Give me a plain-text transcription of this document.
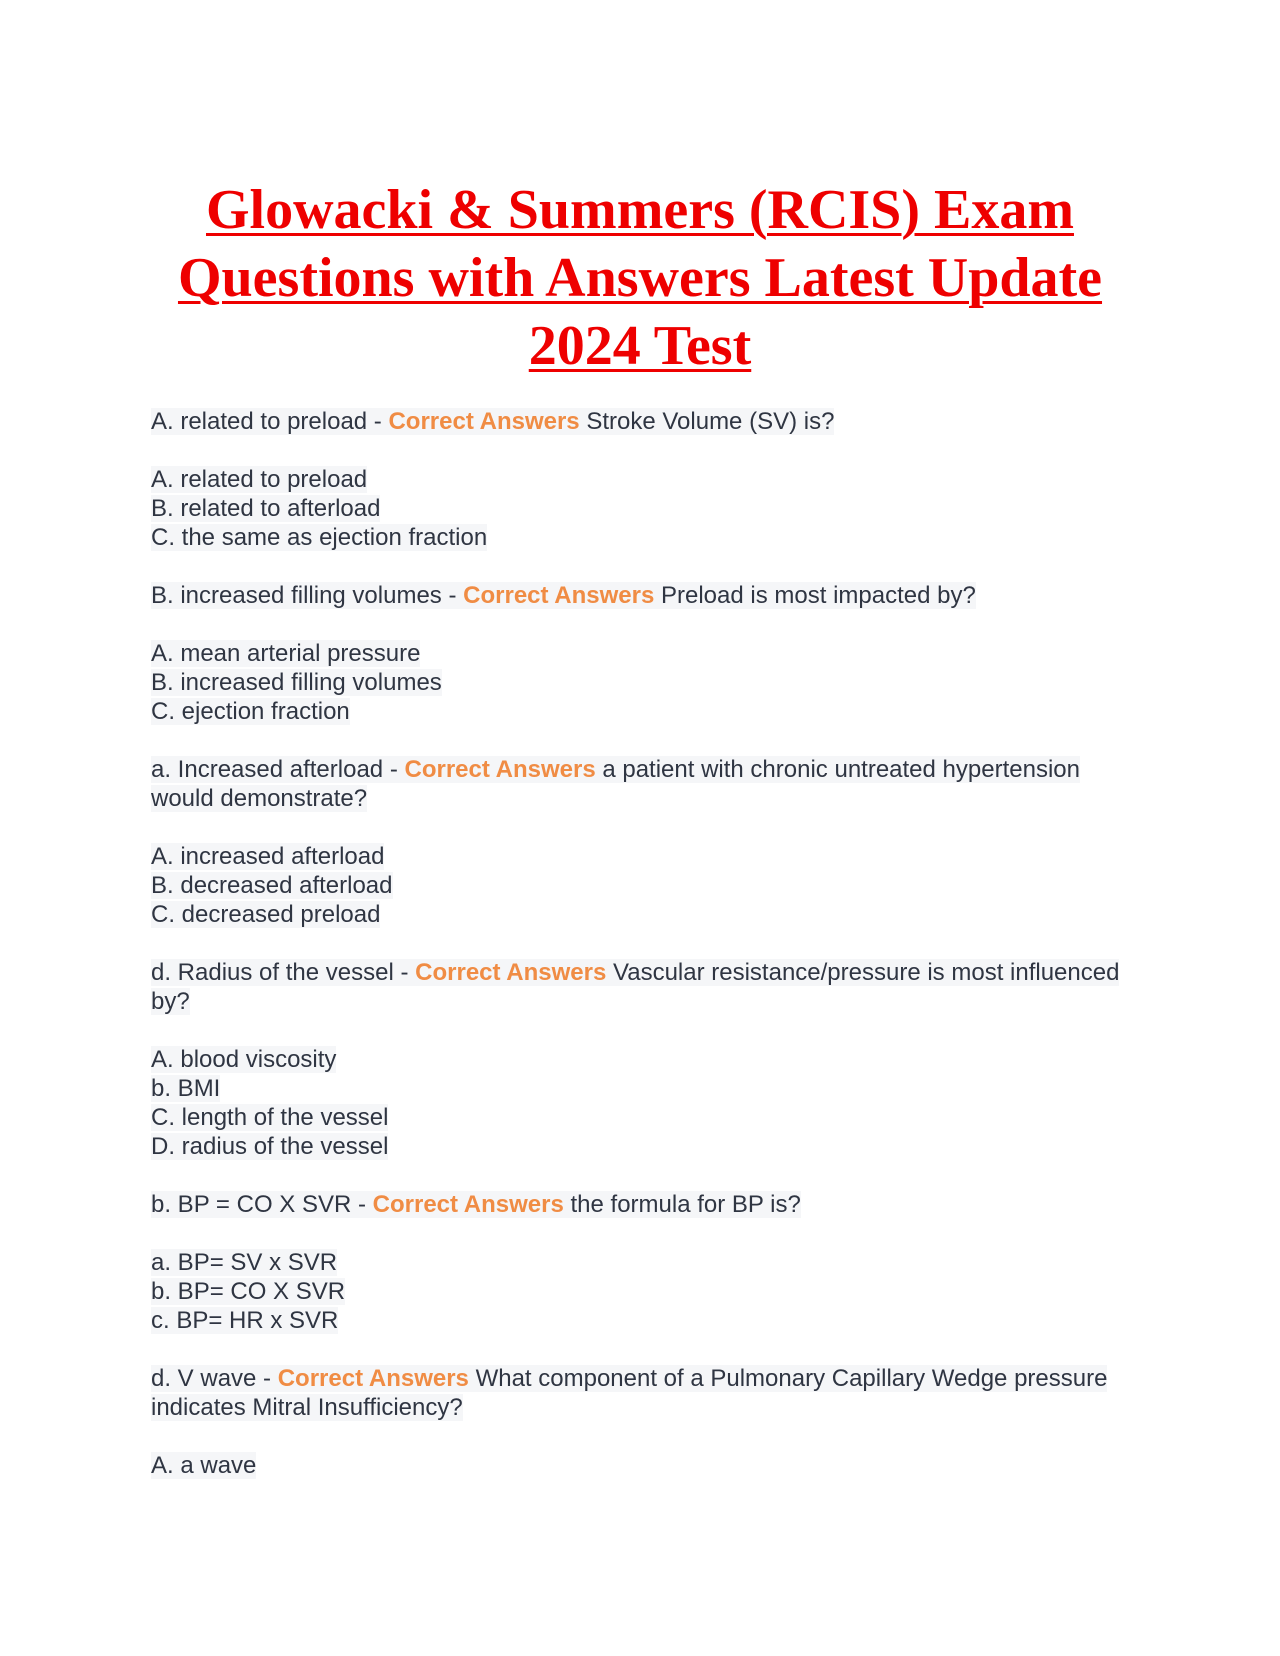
Glowacki & Summers (RCIS) Exam
Questions with Answers Latest Update
2024 Test

A. related to preload - Correct Answers Stroke Volume (SV) is?

A. related to preload
B. related to afterload
C. the same as ejection fraction

B. increased filling volumes - Correct Answers Preload is most impacted by?

A. mean arterial pressure
B. increased filling volumes
C. ejection fraction

a. Increased afterload - Correct Answers a patient with chronic untreated hypertension would demonstrate?

A. increased afterload
B. decreased afterload
C. decreased preload

d. Radius of the vessel - Correct Answers Vascular resistance/pressure is most influenced by?

A. blood viscosity
b. BMI
C. length of the vessel
D. radius of the vessel

b. BP = CO X SVR - Correct Answers the formula for BP is?

a. BP= SV x SVR
b. BP= CO X SVR
c. BP= HR x SVR

d. V wave - Correct Answers What component of a Pulmonary Capillary Wedge pressure indicates Mitral Insufficiency?

A. a wave
